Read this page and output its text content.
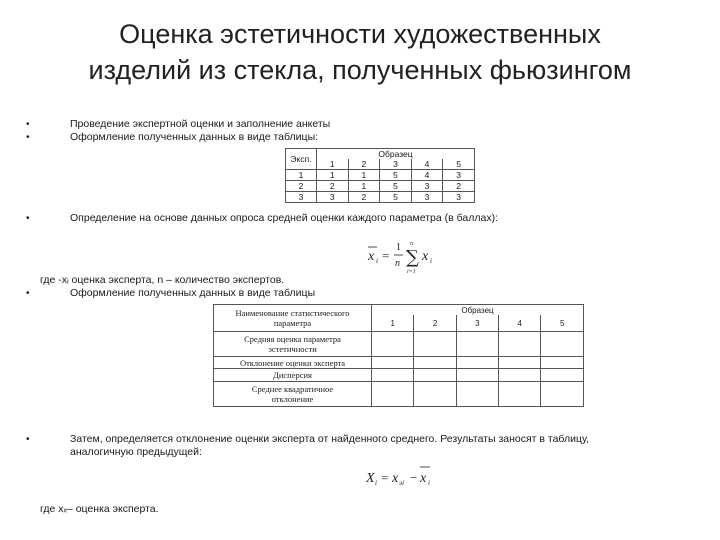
Оценка эстетичности художественных
изделий из стекла, полученных фьюзингом
•	Проведение экспертной оценки и заполнение анкеты
•	Оформление полученных данных в виде таблицы:
Эксп.	Образец				
	1	2	3	4	5
1	1	1	5	4	3
2	2	1	5	3	2
3	3	2	5	3	3
•	Определение на основе данных опроса средней оценки каждого параметра (в баллах):
x i =
1
n
n
∑
i=1
x i
где -xᵢ оценка эксперта, n – количество экспертов.
•	Оформление полученных данных в виде таблицы
Наименование статистического
параметра	Образец				
	1	2	3	4	5

Средняя оценка параметра
эстетичности					

Отклонение оценки эксперта					

Дисперсия					

Среднее квадратичное
отклонение					

•	Затем, определяется отклонение оценки эксперта от найденного среднего. Результаты заносят в таблицу,
аналогичную предыдущей:
X i = x эi − x i
где xₓ– оценка эксперта.
